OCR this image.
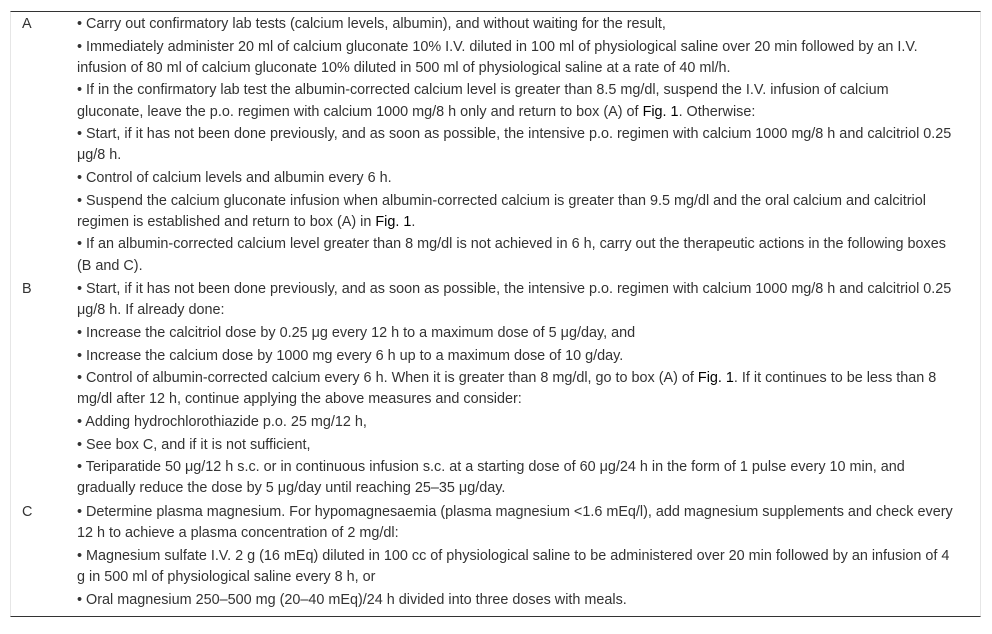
A	• Carry out confirmatory lab tests (calcium levels, albumin), and without waiting for the result,

• Immediately administer 20 ml of calcium gluconate 10% I.V. diluted in 100 ml of physiological saline over 20 min followed by an I.V. infusion of 80 ml of calcium gluconate 10% diluted in 500 ml of physiological saline at a rate of 40 ml/h.

• If in the confirmatory lab test the albumin-corrected calcium level is greater than 8.5 mg/dl, suspend the I.V. infusion of calcium gluconate, leave the p.o. regimen with calcium 1000 mg/8 h only and return to box (A) of Fig. 1. Otherwise:

• Start, if it has not been done previously, and as soon as possible, the intensive p.o. regimen with calcium 1000 mg/8 h and calcitriol 0.25 μg/8 h.

• Control of calcium levels and albumin every 6 h.

• Suspend the calcium gluconate infusion when albumin-corrected calcium is greater than 9.5 mg/dl and the oral calcium and calcitriol regimen is established and return to box (A) in Fig. 1.

• If an albumin-corrected calcium level greater than 8 mg/dl is not achieved in 6 h, carry out the therapeutic actions in the following boxes (B and C).

B	• Start, if it has not been done previously, and as soon as possible, the intensive p.o. regimen with calcium 1000 mg/8 h and calcitriol 0.25 μg/8 h. If already done:

• Increase the calcitriol dose by 0.25 μg every 12 h to a maximum dose of 5 μg/day, and

• Increase the calcium dose by 1000 mg every 6 h up to a maximum dose of 10 g/day.

• Control of albumin-corrected calcium every 6 h. When it is greater than 8 mg/dl, go to box (A) of Fig. 1. If it continues to be less than 8 mg/dl after 12 h, continue applying the above measures and consider:

• Adding hydrochlorothiazide p.o. 25 mg/12 h,

• See box C, and if it is not sufficient,

• Teriparatide 50 μg/12 h s.c. or in continuous infusion s.c. at a starting dose of 60 μg/24 h in the form of 1 pulse every 10 min, and gradually reduce the dose by 5 μg/day until reaching 25–35 μg/day.

C	• Determine plasma magnesium. For hypomagnesaemia (plasma magnesium <1.6 mEq/l), add magnesium supplements and check every 12 h to achieve a plasma concentration of 2 mg/dl:

• Magnesium sulfate I.V. 2 g (16 mEq) diluted in 100 cc of physiological saline to be administered over 20 min followed by an infusion of 4 g in 500 ml of physiological saline every 8 h, or

• Oral magnesium 250–500 mg (20–40 mEq)/24 h divided into three doses with meals.
